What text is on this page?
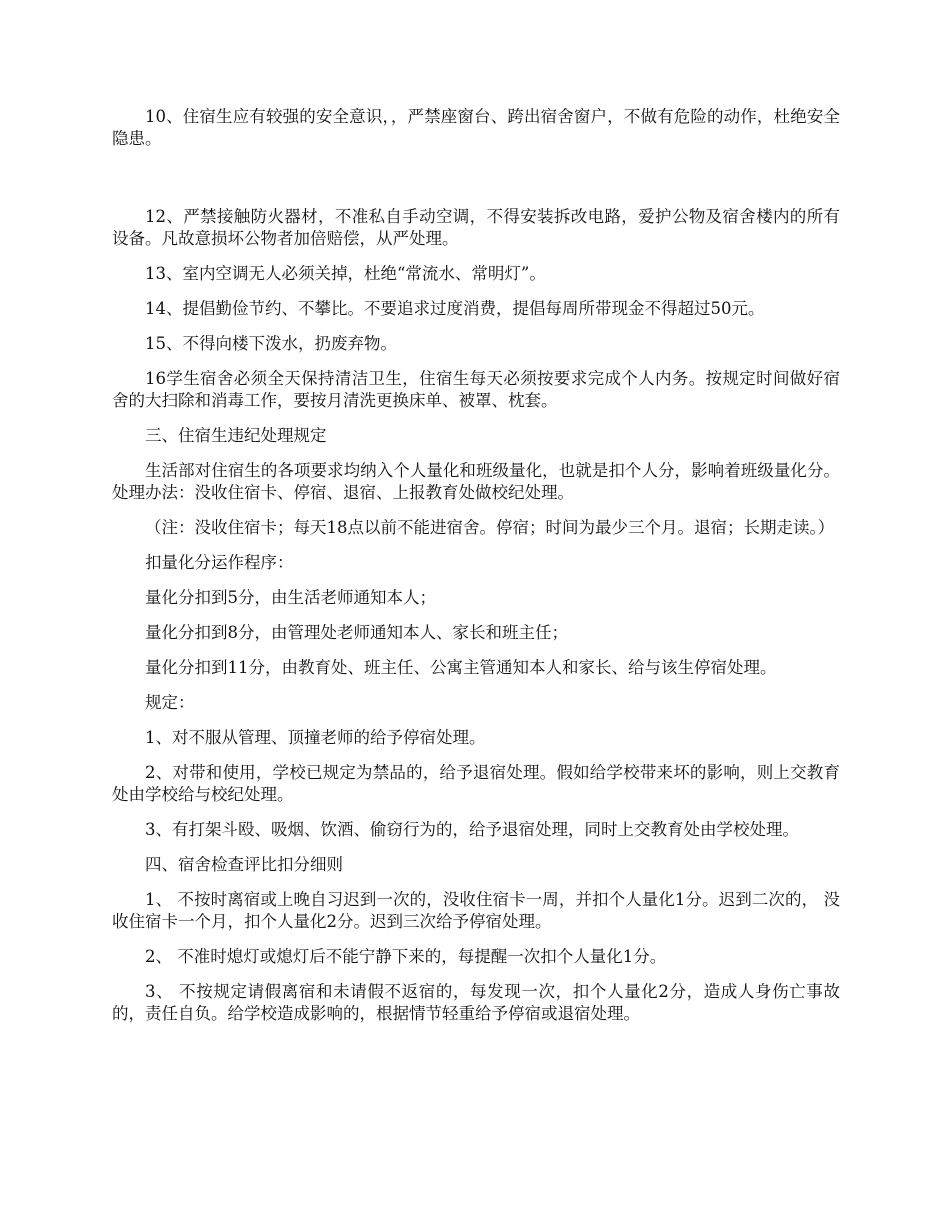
10、住宿生应有较强的安全意识，，严禁座窗台、跨出宿舍窗户，不做有危险的动作，杜绝安全隐患。

12、严禁接触防火器材，不准私自手动空调，不得安装拆改电路，爱护公物及宿舍楼内的所有设备。凡故意损坏公物者加倍赔偿，从严处理。

13、室内空调无人必须关掉，杜绝“常流水、常明灯”。

14、提倡勤俭节约、不攀比。不要追求过度消费，提倡每周所带现金不得超过50元。

15、不得向楼下泼水，扔废弃物。

16学生宿舍必须全天保持清洁卫生，住宿生每天必须按要求完成个人内务。按规定时间做好宿舍的大扫除和消毒工作，要按月清洗更换床单、被罩、枕套。

三、住宿生违纪处理规定

生活部对住宿生的各项要求均纳入个人量化和班级量化，也就是扣个人分，影响着班级量化分。处理办法：没收住宿卡、停宿、退宿、上报教育处做校纪处理。

（注：没收住宿卡；每天18点以前不能进宿舍。停宿；时间为最少三个月。退宿；长期走读。）

扣量化分运作程序：

量化分扣到5分，由生活老师通知本人；

量化分扣到8分，由管理处老师通知本人、家长和班主任；

量化分扣到11分，由教育处、班主任、公寓主管通知本人和家长、给与该生停宿处理。

规定：

1、对不服从管理、顶撞老师的给予停宿处理。

2、对带和使用，学校已规定为禁品的，给予退宿处理。假如给学校带来坏的影响，则上交教育处由学校给与校纪处理。

3、有打架斗殴、吸烟、饮酒、偷窃行为的，给予退宿处理，同时上交教育处由学校处理。

四、宿舍检查评比扣分细则

1、 不按时离宿或上晚自习迟到一次的，没收住宿卡一周，并扣个人量化1分。迟到二次的， 没收住宿卡一个月，扣个人量化2分。迟到三次给予停宿处理。

2、 不准时熄灯或熄灯后不能宁静下来的，每提醒一次扣个人量化1分。

3、 不按规定请假离宿和未请假不返宿的，每发现一次，扣个人量化2分，造成人身伤亡事故的，责任自负。给学校造成影响的，根据情节轻重给予停宿或退宿处理。
